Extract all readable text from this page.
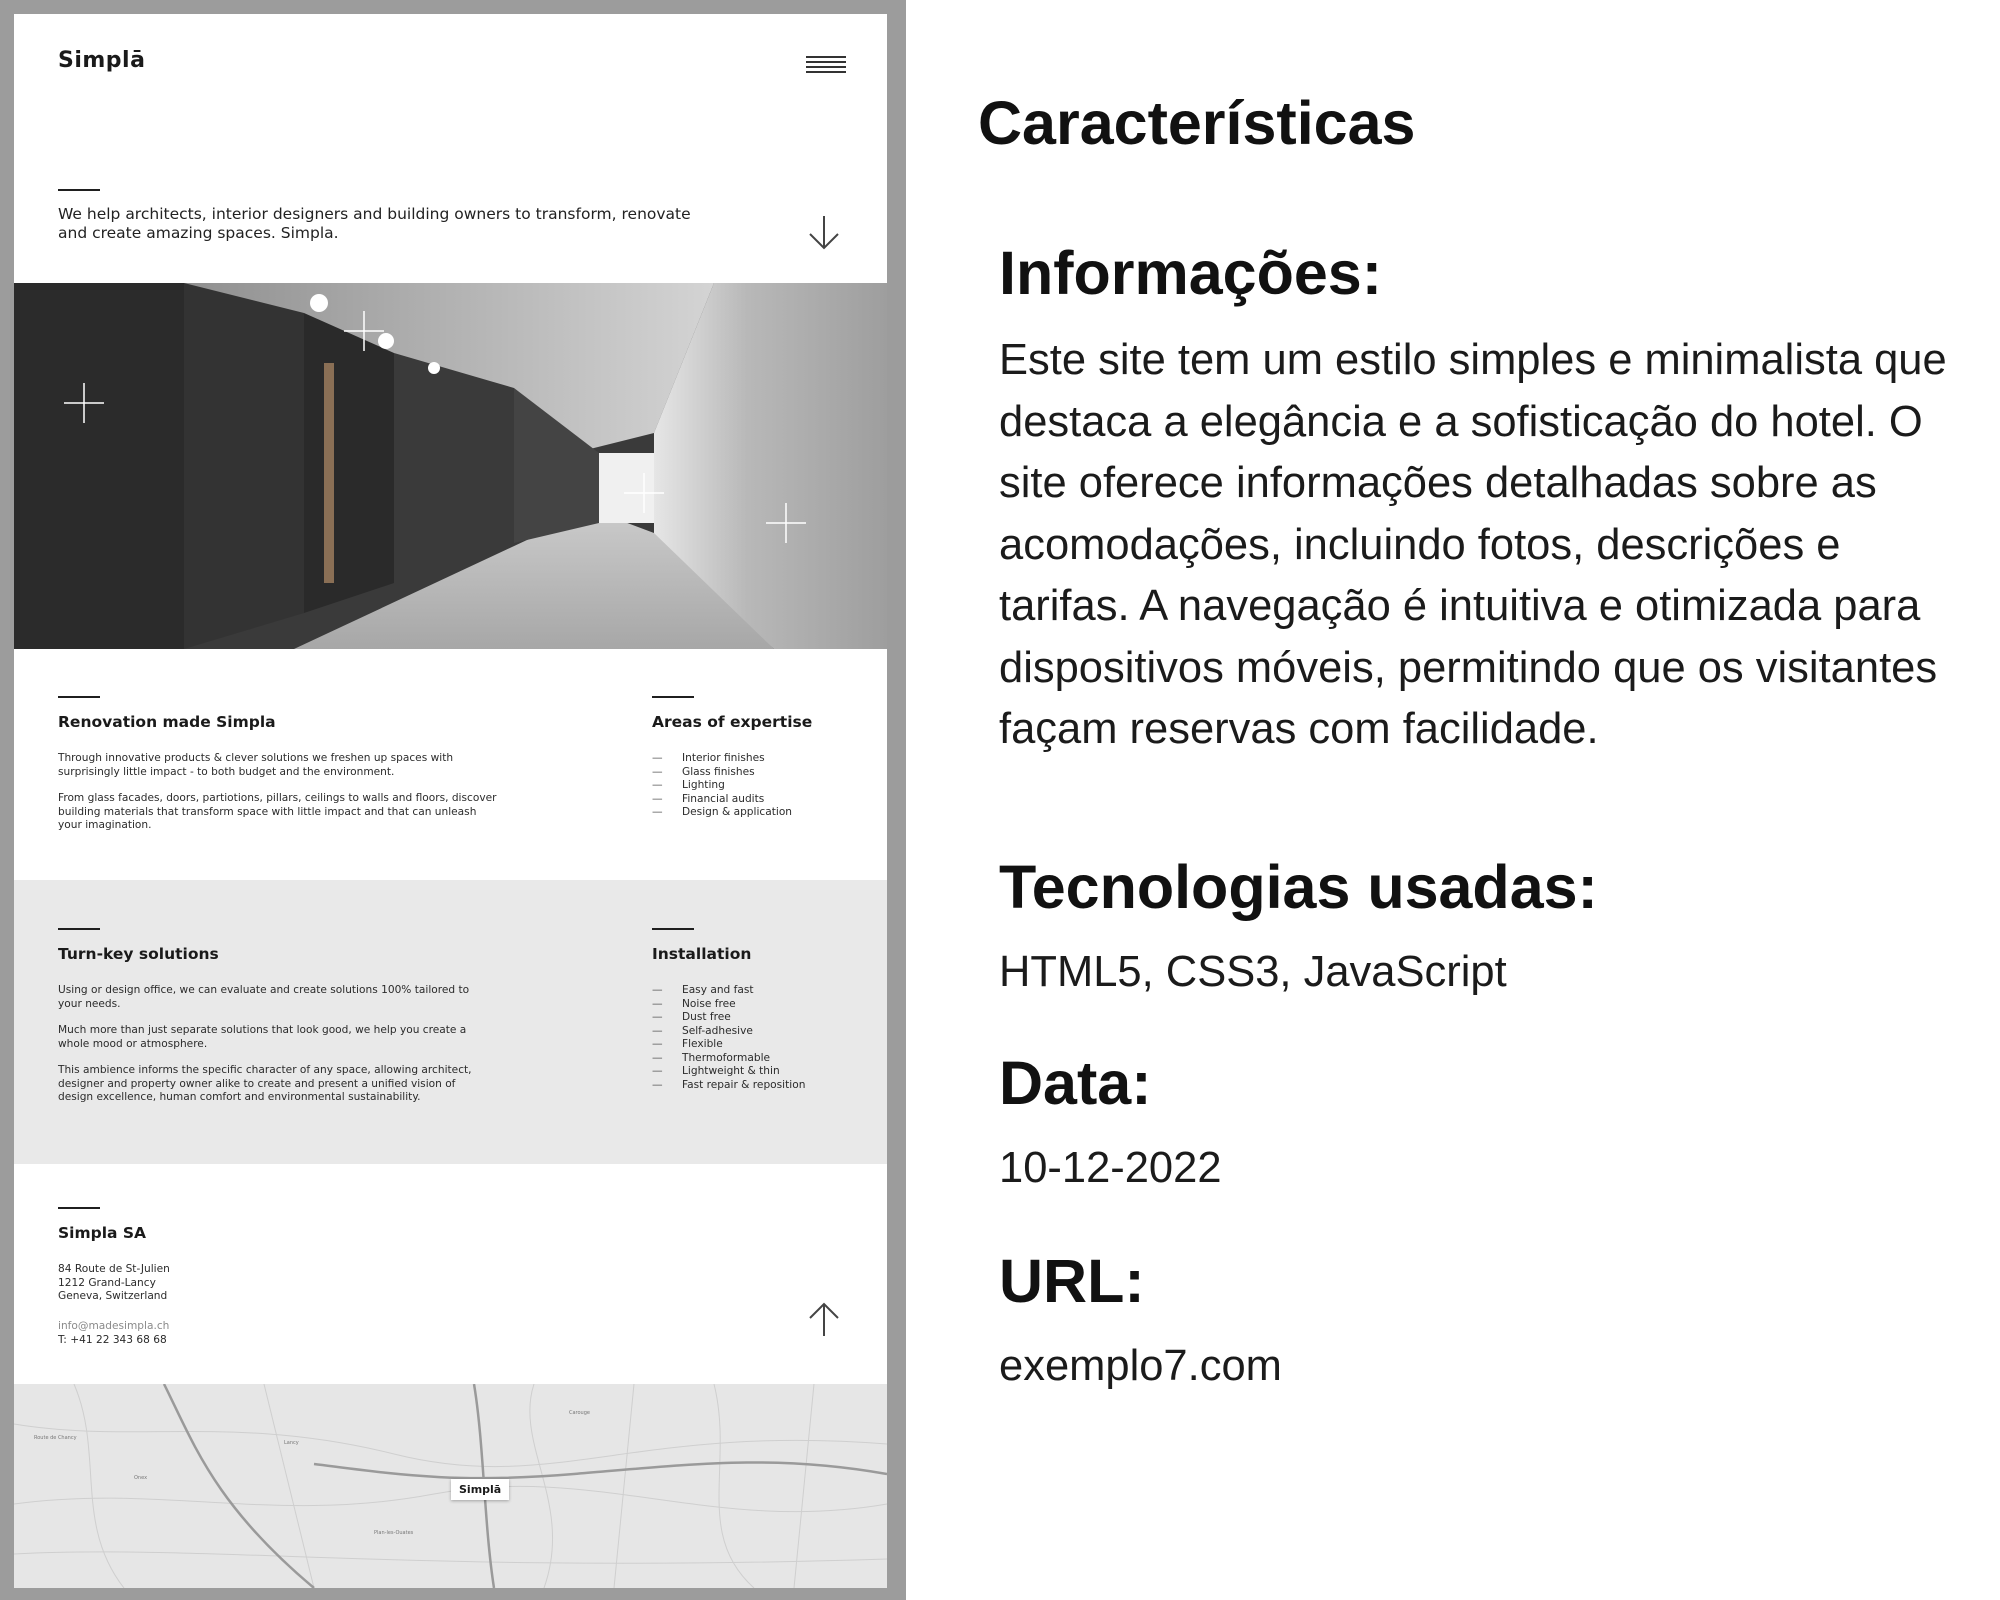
Simplā
We help architects, interior designers and building owners to transform, renovate and create amazing spaces. Simpla.
Renovation made Simpla

Through innovative products & clever solutions we freshen up spaces with surprisingly little impact - to both budget and the environment.

From glass facades, doors, partiotions, pillars, ceilings to walls and floors, discover building materials that transform space with little impact and that can unleash your imagination.

Areas of expertise
— Interior finishes
— Glass finishes
— Lighting
— Financial audits
— Design & application
Turn-key solutions

Using or design office, we can evaluate and create solutions 100% tailored to your needs.

Much more than just separate solutions that look good, we help you create a whole mood or atmosphere.

This ambience informs the specific character of any space, allowing architect, designer and property owner alike to create and present a unified vision of design excellence, human comfort and environmental sustainability.

Installation
— Easy and fast
— Noise free
— Dust free
— Self-adhesive
— Flexible
— Thermoformable
— Lightweight & thin
— Fast repair & reposition
Simpla SA
84 Route de St-Julien
1212 Grand-Lancy
Geneva, Switzerland
info@madesimpla.ch
T: +41 22 343 68 68
Carouge
Onex
Plan-les-Ouates
Lancy
Route de Chancy
Simplā
Características
Informações:
Este site tem um estilo simples e minimalista que destaca a elegância e a sofisticação do hotel. O site oferece informações detalhadas sobre as acomodações, incluindo fotos, descrições e tarifas. A navegação é intuitiva e otimizada para dispositivos móveis, permitindo que os visitantes façam reservas com facilidade.
Tecnologias usadas:
HTML5, CSS3, JavaScript
Data:
10-12-2022
URL:
exemplo7.com
